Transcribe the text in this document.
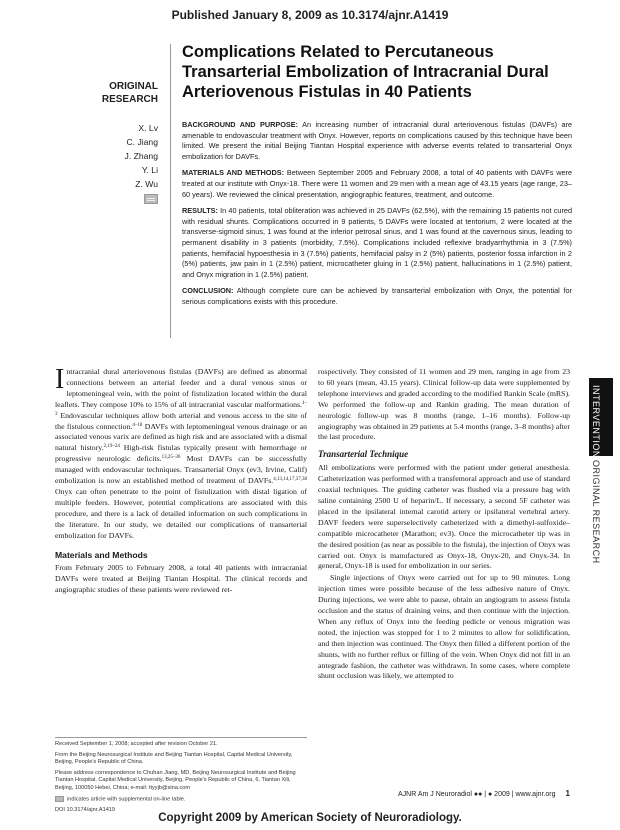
Published January 8, 2009 as 10.3174/ajnr.A1419
ORIGINAL
RESEARCH
Complications Related to Percutaneous
Transarterial Embolization of Intracranial Dural
Arteriovenous Fistulas in 40 Patients
X. Lv
C. Jiang
J. Zhang
Y. Li
Z. Wu

BACKGROUND AND PURPOSE: An increasing number of intracranial dural arteriovenous fistulas (DAVFs) are amenable to endovascular treatment with Onyx. However, reports on complications caused by this technique have been limited. We present the initial Beijing Tiantan Hospital experience with adverse events related to transarterial Onyx embolization for DAVFs.

MATERIALS AND METHODS: Between September 2005 and February 2008, a total of 40 patients with DAVFs were treated at our institute with Onyx-18. There were 11 women and 29 men with a mean age of 43.15 years (age range, 23–60 years). We reviewed the clinical presentation, angiographic features, treatment, and outcome.

RESULTS: In 40 patients, total obliteration was achieved in 25 DAVFs (62.5%), with the remaining 15 patients not cured with residual shunts. Complications occurred in 9 patients, 5 DAVFs were located at tentorium, 2 were located at the transverse-sigmoid sinus, 1 was found at the inferior petrosal sinus, and 1 was found at the cavernous sinus, leading to permanent disability in 3 patients (morbidity, 7.5%). Complications included reflexive bradyarrhythmia in 3 (7.5%) patients, hemifacial hypoesthesia in 3 (7.5%) patients, hemifacial palsy in 2 (5%) patients, posterior fossa infarction in 2 (5%) patients, jaw pain in 1 (2.5%) patient, microcatheter gluing in 1 (2.5%) patient, hallucinations in 1 (2.5%) patient, and Onyx migration in 1 (2.5%) patient.

CONCLUSION: Although complete cure can be achieved by transarterial embolization with Onyx, the potential for serious complications exists with this procedure.

Intracranial dural arteriovenous fistulas (DAVFs) are defined as abnormal connections between an arterial feeder and a dural venous sinus or leptomeningeal vein, with the point of fistulization located within the dural leaflets. They compose 10% to 15% of all intracranial vascular malformations.$^{1-3}$ Endovascular techniques allow both arterial and venous access to the site of the fistulous connection.$^{4-18}$ DAVFs with leptomeningeal venous drainage or an associated venous varix are defined as high risk and are associated with a dismal natural history.$^{2,19-24}$ High-risk fistulas typically present with hemorrhage or progressive neurologic deficits.$^{13,25-36}$ Most DAVFs can be successfully managed with endovascular techniques. Transarterial Onyx (ev3, Irvine, Calif) embolization is now an established method of treatment of DAVFs.$^{4,13,14,17,37,38}$ Onyx can often penetrate to the point of fistulization with distal ligation of multiple feeders. However, potential complications are associated with this procedure, and there is a lack of detailed information on such complications in the literature. In our study, we detailed our complications of transarterial embolization for DAVFs.

Materials and Methods

From February 2005 to February 2008, a total 40 patients with intracranial DAVFs were treated at Beijing Tiantan Hospital. The clinical records and angiographic studies of these patients were reviewed ret-

Received September 1, 2008; accepted after revision October 21.

From the Beijing Neurosurgical Institute and Beijing Tiantan Hospital, Capital Medical University, Beijing, People's Republic of China.

Please address correspondence to Chuhan Jiang, MD, Beijing Neurosurgical Institute and Beijing Tiantan Hospital, Capital Medical University, Beijing, People's Republic of China, 6, Tiantan Xili, Beijing, 100050 Hebei, China; e-mail: ttyyjb@sina.com

indicates article with supplemental on-line table.

DOI 10.3174/ajnr.A1419

rospectively. They consisted of 11 women and 29 men, ranging in age from 23 to 60 years (mean, 43.15 years). Clinical follow-up data were supplemented by telephone interviews and graded according to the modified Rankin Scale (mRS). We performed the follow-up and Rankin grading. The mean duration of neurologic follow-up was 8 months (range, 1–16 months). Follow-up angiography was obtained in 29 patients at 5.4 months (range, 3–8 months) after the last procedure.

Transarterial Technique

All embolizations were performed with the patient under general anesthesia. Catheterization was performed with a transfemoral approach and use of standard coaxial techniques. The guiding catheter was flushed via a pressure bag with saline containing 2500 U of heparin/L. If necessary, a second 5F catheter was placed in the ipsilateral internal carotid artery or ipsilateral vertebral artery. DAVF feeders were superselectively catheterized with a dimethyl-sulfoxide–compatible microcatheter (Marathon; ev3). Once the microcatheter tip was in the desired position (as near as possible to the fistula), the injection of Onyx was carried out. Onyx is manufactured as Onyx-18, Onyx-20, and Onyx-34. In general, Onyx-18 is used for embolization in our series.

Single injections of Onyx were carried out for up to 90 minutes. Long injection times were possible because of the less adhesive nature of Onyx. During injections, we were able to pause, obtain an angiogram to assess fistula occlusion and the status of draining veins, and then continue with the injection. When any reflux of Onyx into the feeding pedicle or venous migration was noted, the injection was stopped for 1 to 2 minutes to allow for solidification, and then injection was continued. The Onyx then filled a different portion of the shunts, with no further reflux or filling of the vein. When Onyx did not fill in an antegrade fashion, the catheter was withdrawn. In some cases, where complete shunt occlusion was likely, we attempted to

INTERVENTIONALORIGINAL RESEARCH
AJNR Am J Neuroradiol ●● | ● 2009 | www.ajnr.org 1
Copyright 2009 by American Society of Neuroradiology.
